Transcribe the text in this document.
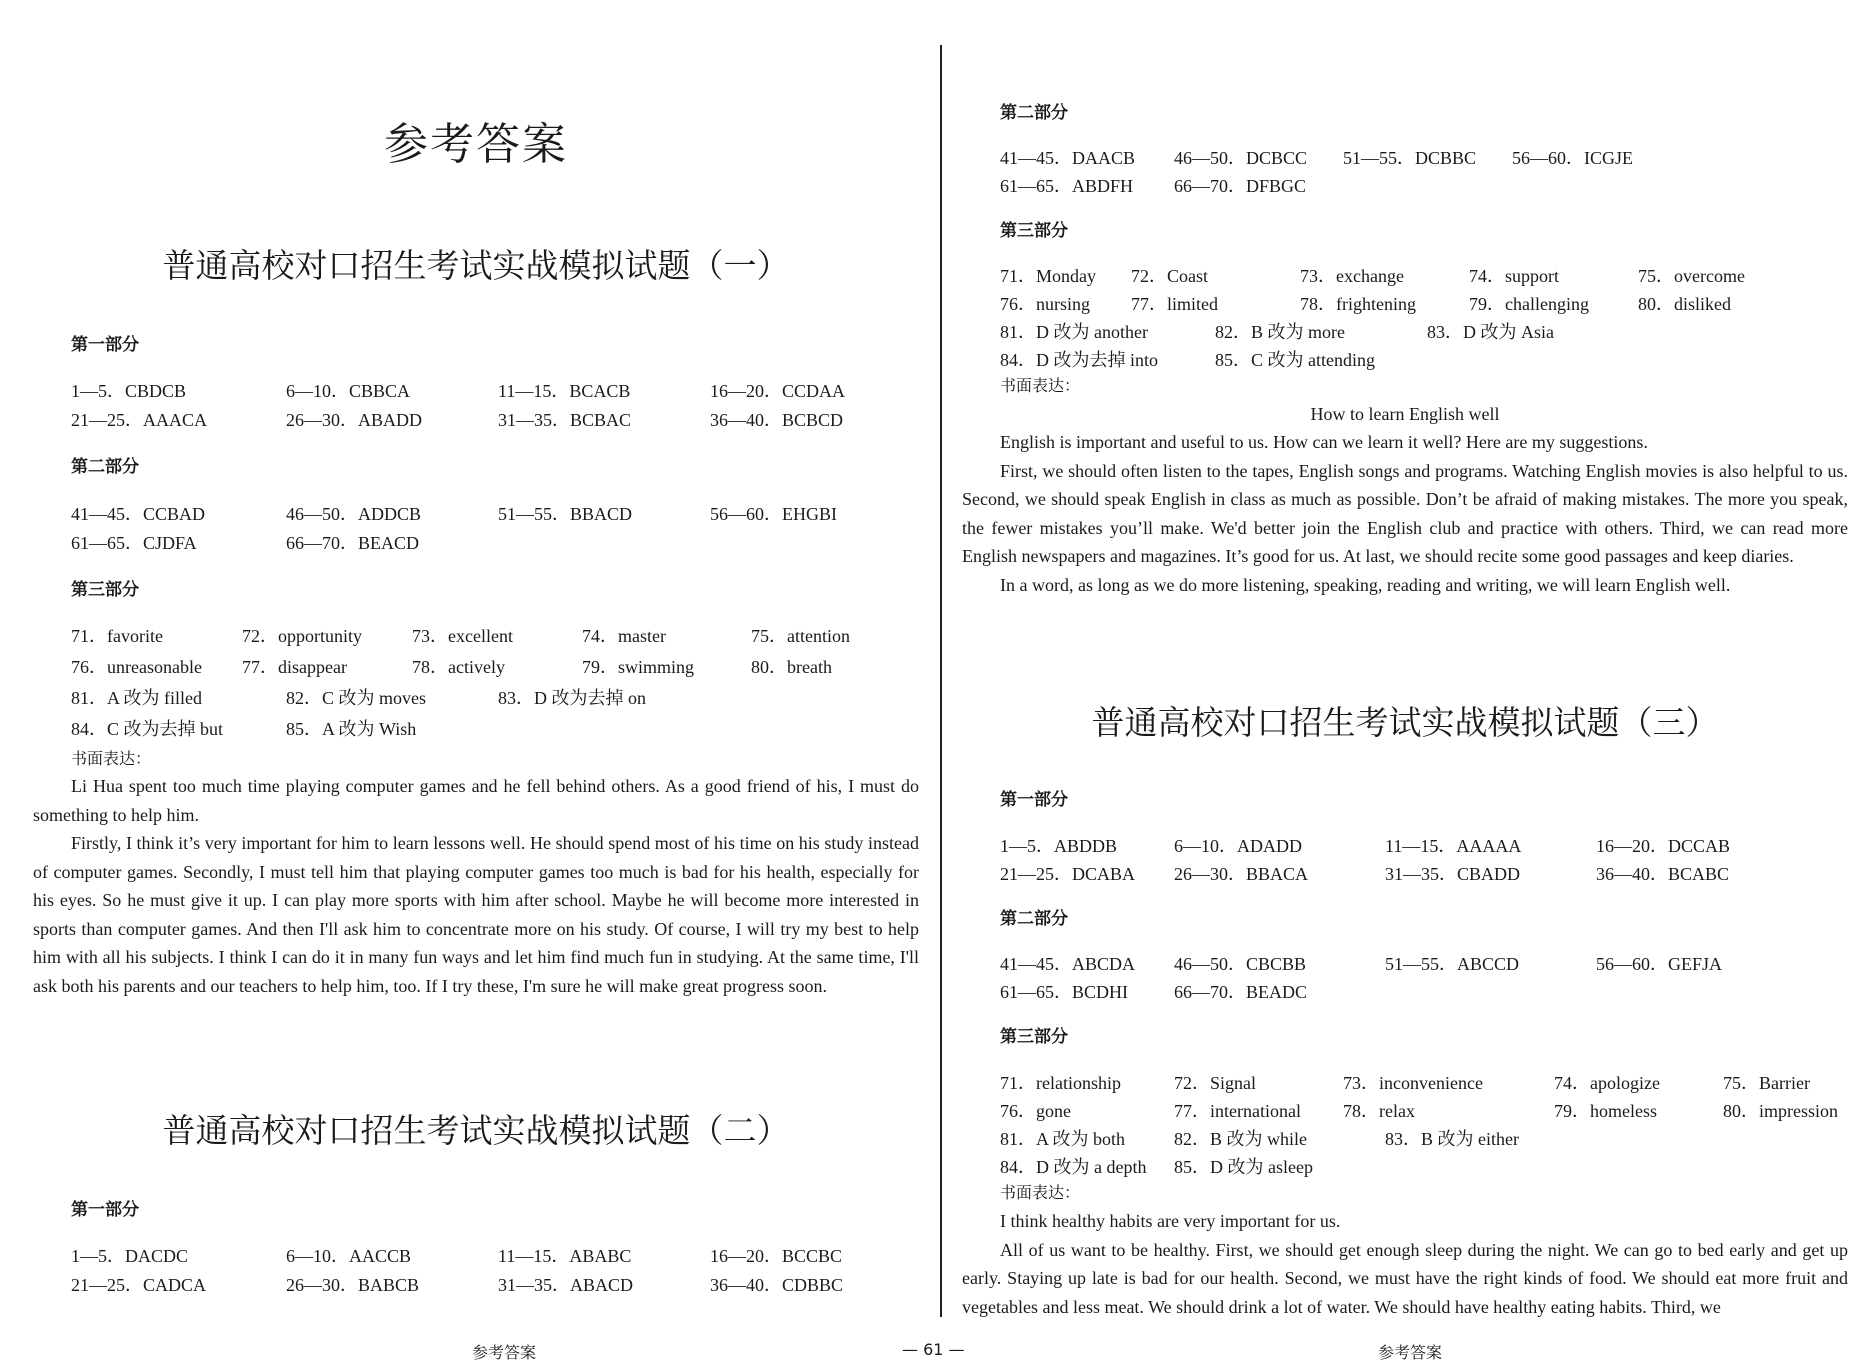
参考答案
普通高校对口招生考试实战模拟试题（一）
第一部分
1—5．CBDCB	6—10．CBBCA	11—15．BCACB	16—20．CCDAA
21—25．AAACA	26—30．ABADD	31—35．BCBAC	36—40．BCBCD
第二部分
41—45．CCBAD	46—50．ADDCB	51—55．BBACD	56—60．EHGBI
61—65．CJDFA	66—70．BEACD
第三部分
71．favorite	72．opportunity	73．excellent	74．master	75．attention
76．unreasonable 77．disappear	78．actively	79．swimming	80．breath
81．A 改为 filled	82．C 改为 moves	83．D 改为去掉 on
84．C 改为去掉 but	85．A 改为 Wish
书面表达：

Li Hua spent too much time playing computer games and he fell behind others. As a good friend of his, I must do something to help him.

Firstly, I think it’s very important for him to learn lessons well. He should spend most of his time on his study instead of computer games. Secondly, I must tell him that playing computer games too much is bad for his health, especially for his eyes. So he must give it up. I can play more sports with him after school. Maybe he will become more interested in sports than computer games. And then I'll ask him to concentrate more on his study. Of course, I will try my best to help him with all his subjects. I think I can do it in many fun ways and let him find much fun in studying. At the same time, I'll ask both his parents and our teachers to help him, too. If I try these, I'm sure he will make great progress soon.

普通高校对口招生考试实战模拟试题（二）
第一部分
1—5．DACDC	6—10．AACCB	11—15．ABABC	16—20．BCCBC
21—25．CADCA	26—30．BABCB	31—35．ABACD	36—40．CDBBC
第二部分
41—45．DAACB 46—50．DCBCC 51—55．DCBBC 56—60．ICGJE
61—65．ABDFH 66—70．DFBGC
第三部分
71．Monday 72．Coast	73．exchange	74．support	75．overcome
76．nursing 77．limited	78．frightening	79．challenging	80．disliked
81．D 改为 another	82．B 改为 more	83．D 改为 Asia
84．D 改为去掉 into	85．C 改为 attending
书面表达：
How to learn English well

English is important and useful to us. How can we learn it well? Here are my suggestions.

First, we should often listen to the tapes, English songs and programs. Watching English movies is also helpful to us. Second, we should speak English in class as much as possible. Don’t be afraid of making mistakes. The more you speak, the fewer mistakes you’ll make. We'd better join the English club and practice with others. Third, we can read more English newspapers and magazines. It’s good for us. At last, we should recite some good passages and keep diaries.

In a word, as long as we do more listening, speaking, reading and writing, we will learn English well.

普通高校对口招生考试实战模拟试题（三）
第一部分
1—5．ABDDB	6—10．ADADD	11—15．AAAAA	16—20．DCCAB
21—25．DCABA 26—30．BBACA	31—35．CBADD	36—40．BCABC
第二部分
41—45．ABCDA 46—50．CBCBB	51—55．ABCCD	56—60．GEFJA
61—65．BCDHI	66—70．BEADC
第三部分
71．relationship	72．Signal	73．inconvenience	74．apologize	75．Barrier
76．gone	77．international 78．relax	79．homeless	80．impression
81．A 改为 both	82．B 改为 while	83．B 改为 either
84．D 改为 a depth 85．D 改为 asleep
书面表达：

I think healthy habits are very important for us.

All of us want to be healthy. First, we should get enough sleep during the night. We can go to bed early and get up early. Staying up late is bad for our health. Second, we must have the right kinds of food. We should eat more fruit and vegetables and less meat. We should drink a lot of water. We should have healthy eating habits. Third, we

参考答案	— 61 —	参考答案
